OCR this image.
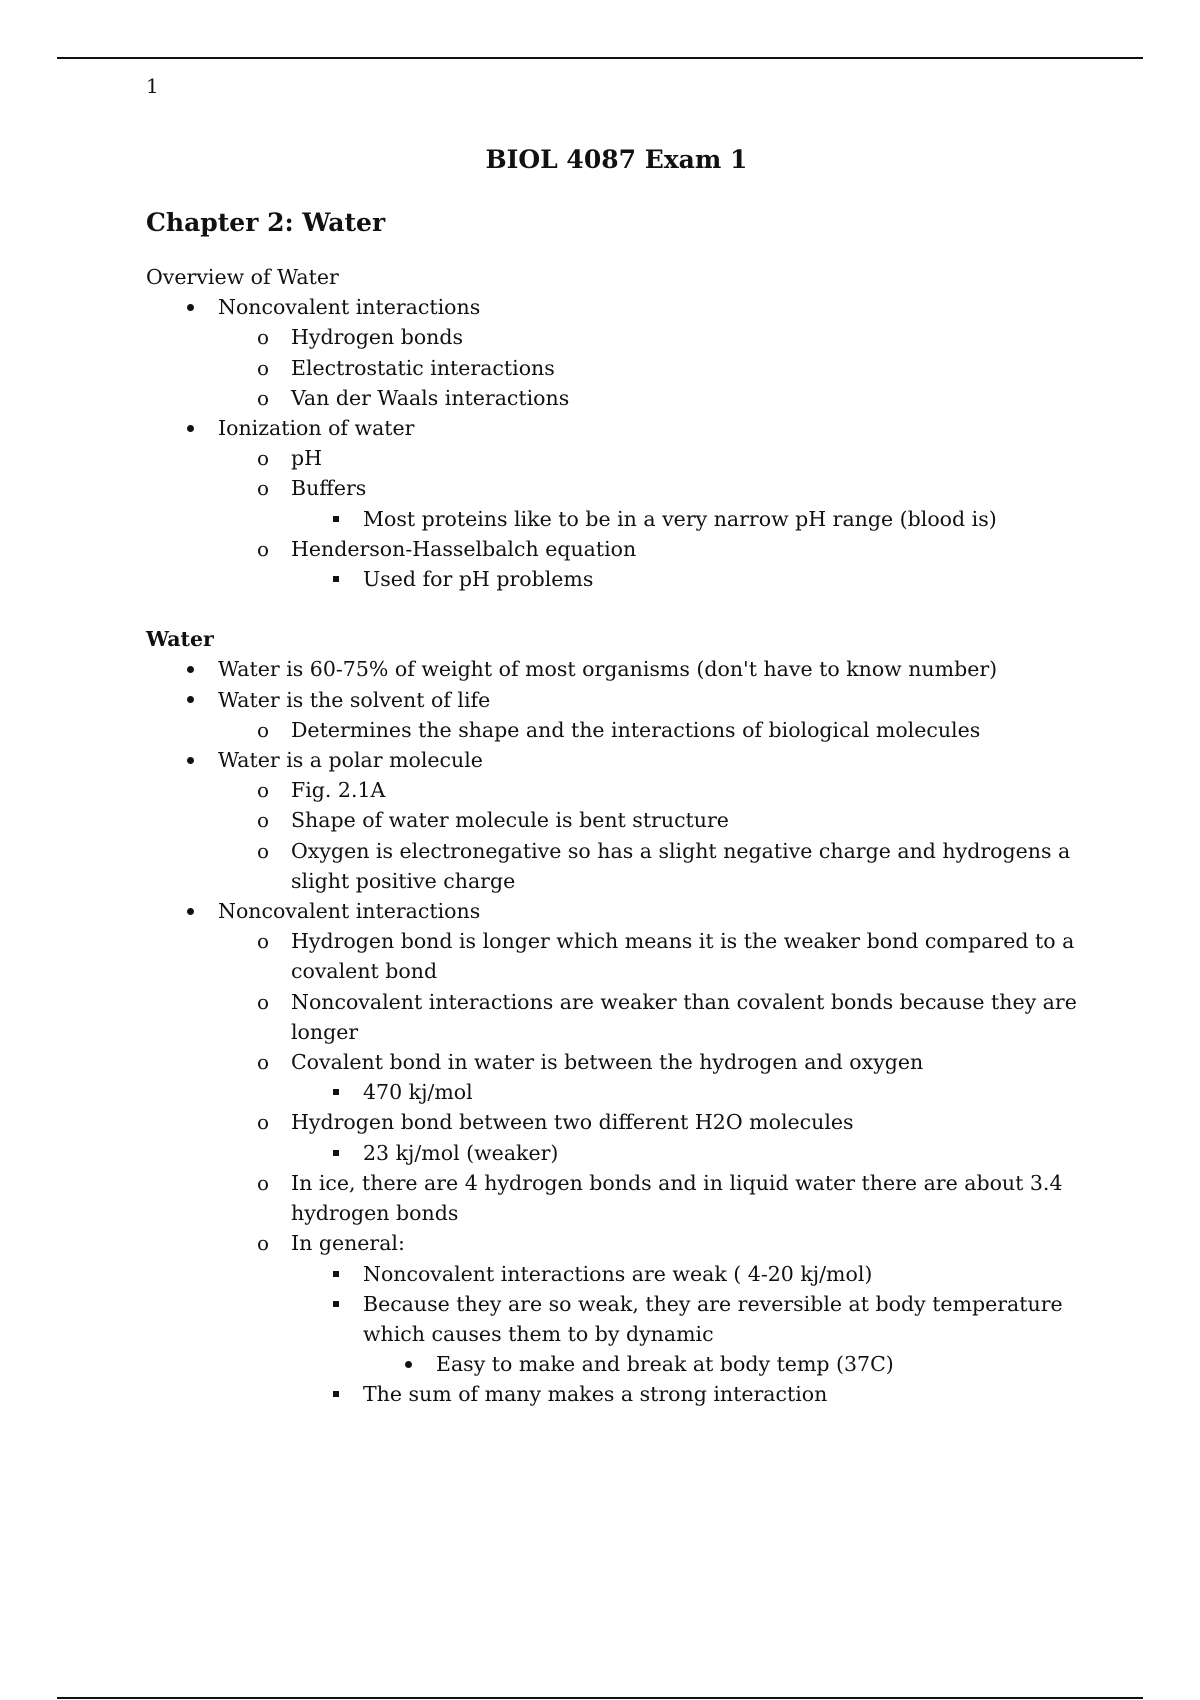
1
BIOL 4087 Exam 1
Chapter 2: Water
Overview of Water
Noncovalent interactions
o Hydrogen bonds
o Electrostatic interactions
o Van der Waals interactions
Ionization of water
o pH
o Buffers
Most proteins like to be in a very narrow pH range (blood is)
o Henderson-Hasselbalch equation
Used for pH problems
Water
Water is 60-75% of weight of most organisms (don't have to know number)
Water is the solvent of life
o Determines the shape and the interactions of biological molecules
Water is a polar molecule
o Fig. 2.1A
o Shape of water molecule is bent structure
o Oxygen is electronegative so has a slight negative charge and hydrogens a
slight positive charge
Noncovalent interactions
o Hydrogen bond is longer which means it is the weaker bond compared to a
covalent bond
o Noncovalent interactions are weaker than covalent bonds because they are
longer
o Covalent bond in water is between the hydrogen and oxygen
470 kj/mol
o Hydrogen bond between two different H2O molecules
23 kj/mol (weaker)
o In ice, there are 4 hydrogen bonds and in liquid water there are about 3.4
hydrogen bonds
o In general:
Noncovalent interactions are weak ( 4-20 kj/mol)
Because they are so weak, they are reversible at body temperature
which causes them to by dynamic
Easy to make and break at body temp (37C)
The sum of many makes a strong interaction
